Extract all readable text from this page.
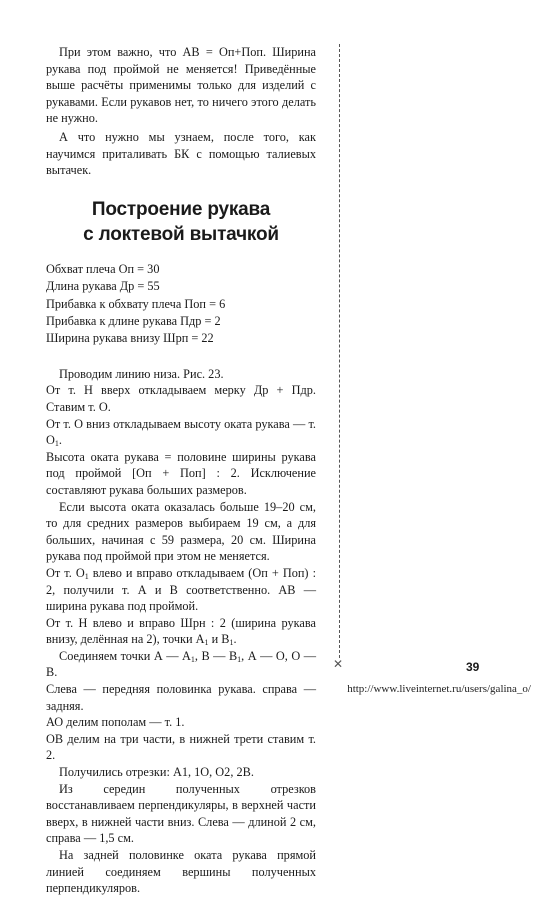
При этом важно, что АВ = Оп+Поп. Ширина рукава под проймой не меняется! Приведённые выше расчёты применимы только для изделий с рукавами. Если рукавов нет, то ничего этого делать не нужно.

А что нужно мы узнаем, после того, как научимся приталивать БК с помощью талиевых вытачек.

Построение рукава
с локтевой вытачкой

Обхват плеча Оп = 30

Длина рукава Др = 55

Прибавка к обхвату плеча Поп = 6

Прибавка к длине рукава Пдр = 2

Ширина рукава внизу Шрп = 22

Проводим линию низа. Рис. 23.

От т. Н вверх откладываем мерку Др + Пдр. Ставим т. О.

От т. О вниз откладываем высоту оката рукава — т. $О_1$.

Высота оката рукава = половине ширины рукава под проймой [Оп + Поп] : 2. Исключение составляют рукава больших размеров.

Если высота оката оказалась больше 19–20 см, то для средних размеров выбираем 19 см, а для больших, начиная с 59 размера, 20 см. Ширина рукава под проймой при этом не меняется.

От т. $О_1$ влево и вправо откладываем (Оп + Поп) : 2, получили т. А и В соответственно. АВ — ширина рукава под проймой.

От т. Н влево и вправо Шрн : 2 (ширина рукава внизу, делённая на 2), точки $А_1$ и $В_1$.

Соединяем точки А — $А_1$, В — $В_1$, А — О, О — В.

Слева — передняя половинка рукава. справа — задняя.

АО делим пополам — т. 1.

ОВ делим на три части, в нижней трети ставим т. 2.

Получились отрезки: А1, 1О, О2, 2В.

Из середин полученных отрезков восстанавливаем перпендикуляры, в верхней части вверх, в нижней части вниз. Слева — длиной 2 см, справа — 1,5 см.

На задней половинке оката рукава прямой линией соединяем вершины полученных перпендикуляров.

✕	39
http://www.liveinternet.ru/users/galina_o/
